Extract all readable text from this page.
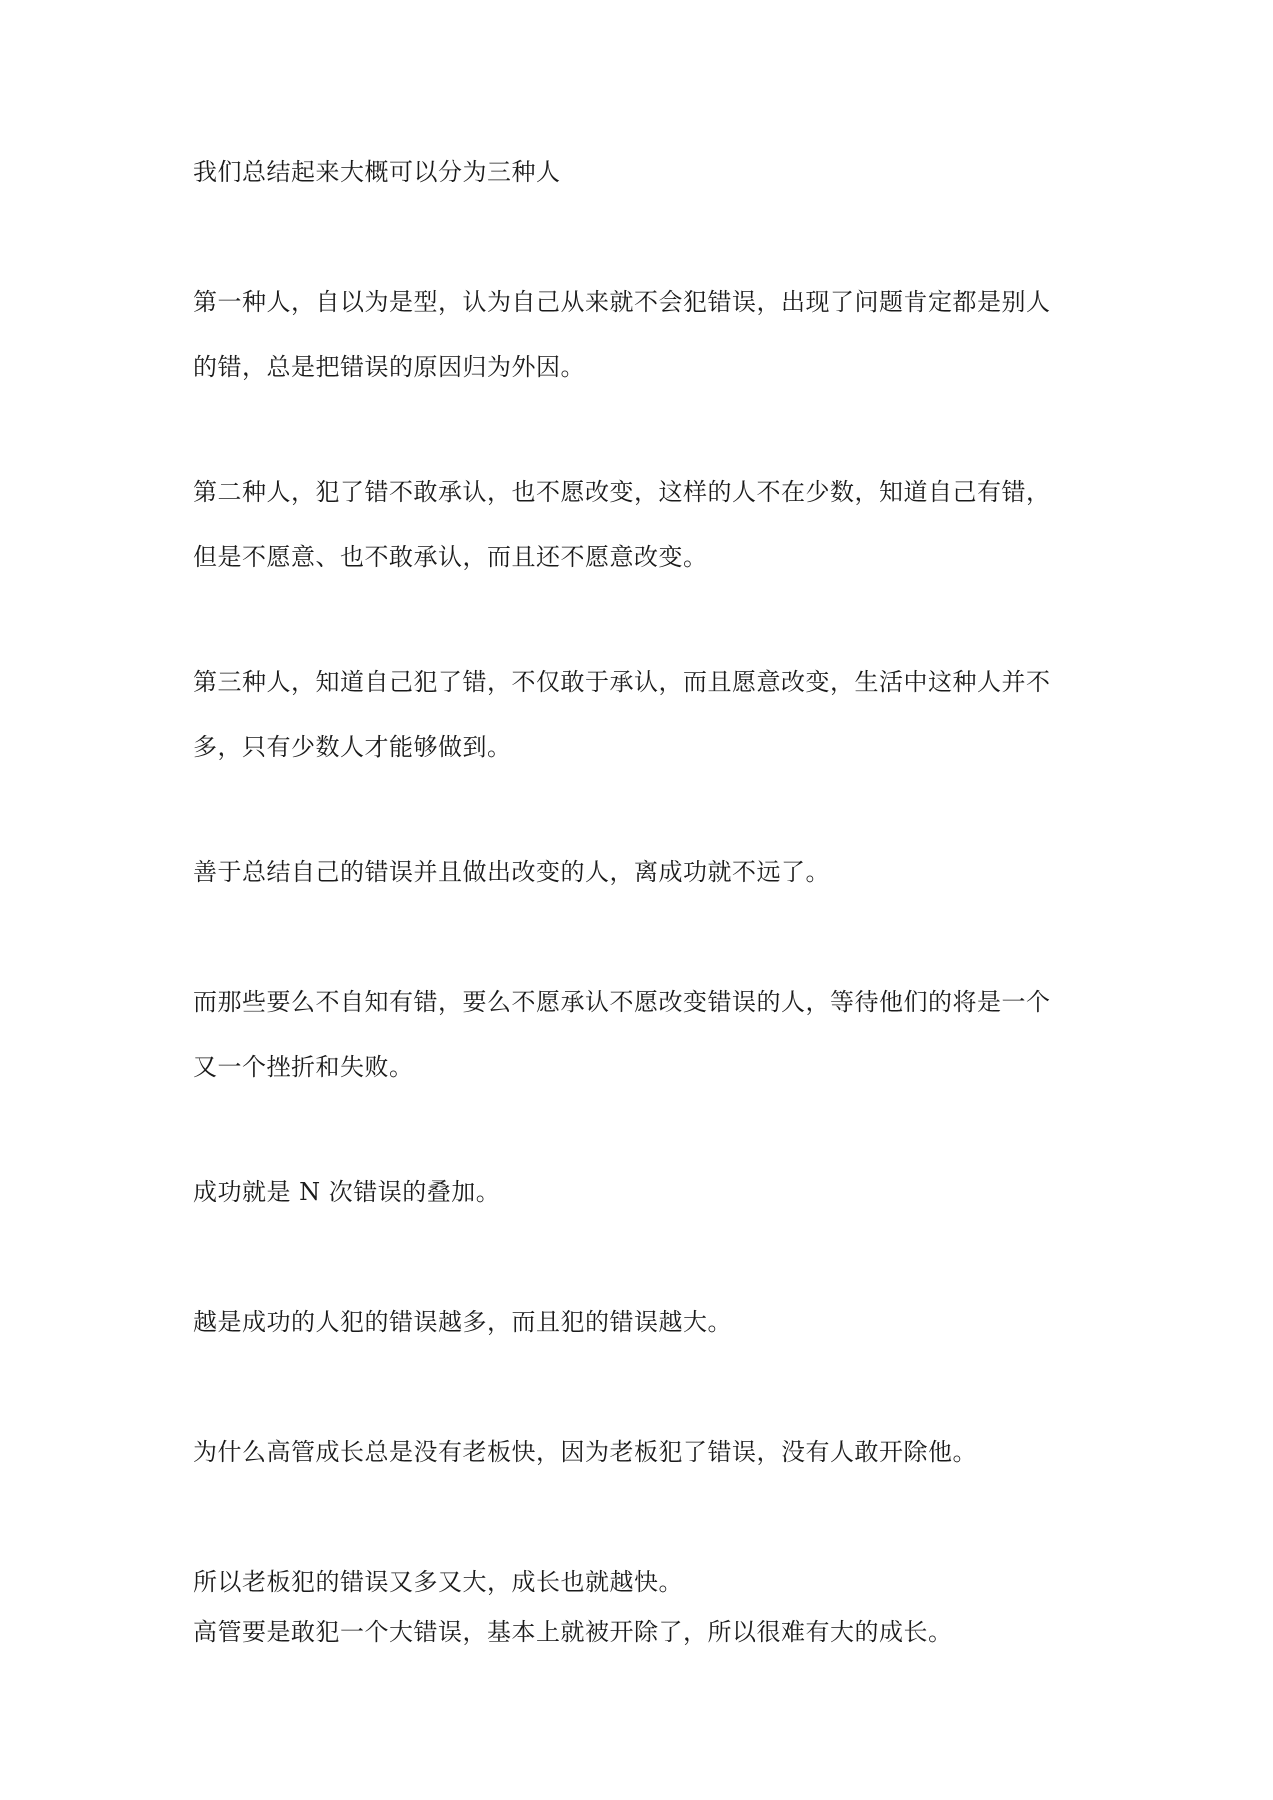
我们总结起来大概可以分为三种人
第一种人，自以为是型，认为自己从来就不会犯错误，出现了问题肯定都是别人
的错，总是把错误的原因归为外因。
第二种人，犯了错不敢承认，也不愿改变，这样的人不在少数，知道自己有错，
但是不愿意、也不敢承认，而且还不愿意改变。
第三种人，知道自己犯了错，不仅敢于承认，而且愿意改变，生活中这种人并不
多，只有少数人才能够做到。
善于总结自己的错误并且做出改变的人，离成功就不远了。
而那些要么不自知有错，要么不愿承认不愿改变错误的人，等待他们的将是一个
又一个挫折和失败。
成功就是 N 次错误的叠加。
越是成功的人犯的错误越多，而且犯的错误越大。
为什么高管成长总是没有老板快，因为老板犯了错误，没有人敢开除他。
所以老板犯的错误又多又大，成长也就越快。
高管要是敢犯一个大错误，基本上就被开除了，所以很难有大的成长。
